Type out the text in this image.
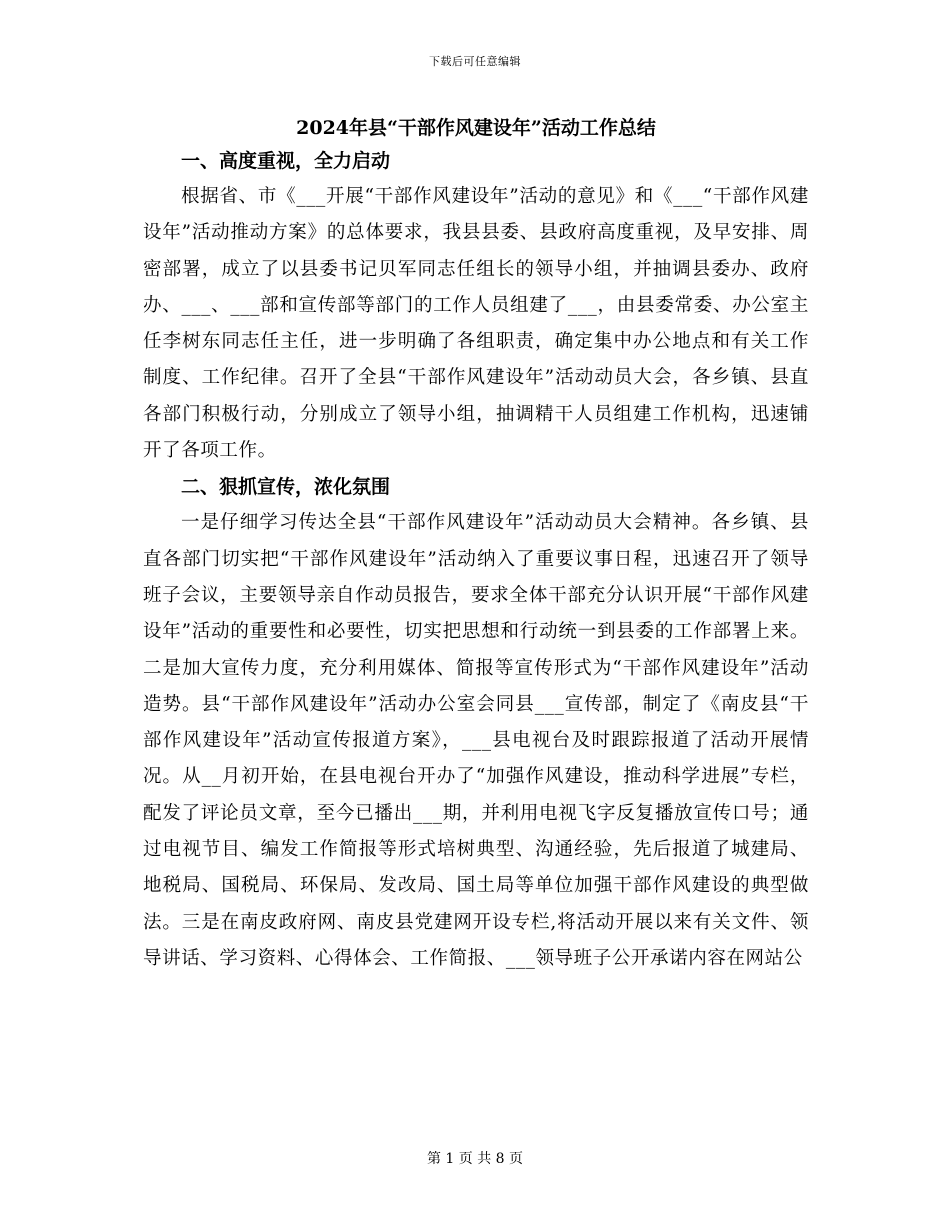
下载后可任意编辑
2024年县“干部作风建设年”活动工作总结
一、高度重视，全力启动

根据省、市《___开展“干部作风建设年”活动的意见》和《___“干部作风建设年”活动推动方案》的总体要求，我县县委、县政府高度重视，及早安排、周密部署，成立了以县委书记贝军同志任组长的领导小组，并抽调县委办、政府办、___、___部和宣传部等部门的工作人员组建了___，由县委常委、办公室主任李树东同志任主任，进一步明确了各组职责，确定集中办公地点和有关工作制度、工作纪律。召开了全县“干部作风建设年”活动动员大会，各乡镇、县直各部门积极行动，分别成立了领导小组，抽调精干人员组建工作机构，迅速铺开了各项工作。

二、狠抓宣传，浓化氛围

一是仔细学习传达全县“干部作风建设年”活动动员大会精神。各乡镇、县直各部门切实把“干部作风建设年”活动纳入了重要议事日程，迅速召开了领导班子会议，主要领导亲自作动员报告，要求全体干部充分认识开展“干部作风建设年”活动的重要性和必要性，切实把思想和行动统一到县委的工作部署上来。二是加大宣传力度，充分利用媒体、简报等宣传形式为“干部作风建设年”活动造势。县“干部作风建设年”活动办公室会同县___宣传部，制定了《南皮县“干部作风建设年”活动宣传报道方案》，___县电视台及时跟踪报道了活动开展情况。从__月初开始，在县电视台开办了“加强作风建设，推动科学进展”专栏，配发了评论员文章，至今已播出___期，并利用电视飞字反复播放宣传口号；通过电视节目、编发工作简报等形式培树典型、沟通经验，先后报道了城建局、地税局、国税局、环保局、发改局、国土局等单位加强干部作风建设的典型做法。三是在南皮政府网、南皮县党建网开设专栏,将活动开展以来有关文件、领导讲话、学习资料、心得体会、工作简报、___领导班子公开承诺内容在网站公

第 1 页 共 8 页
